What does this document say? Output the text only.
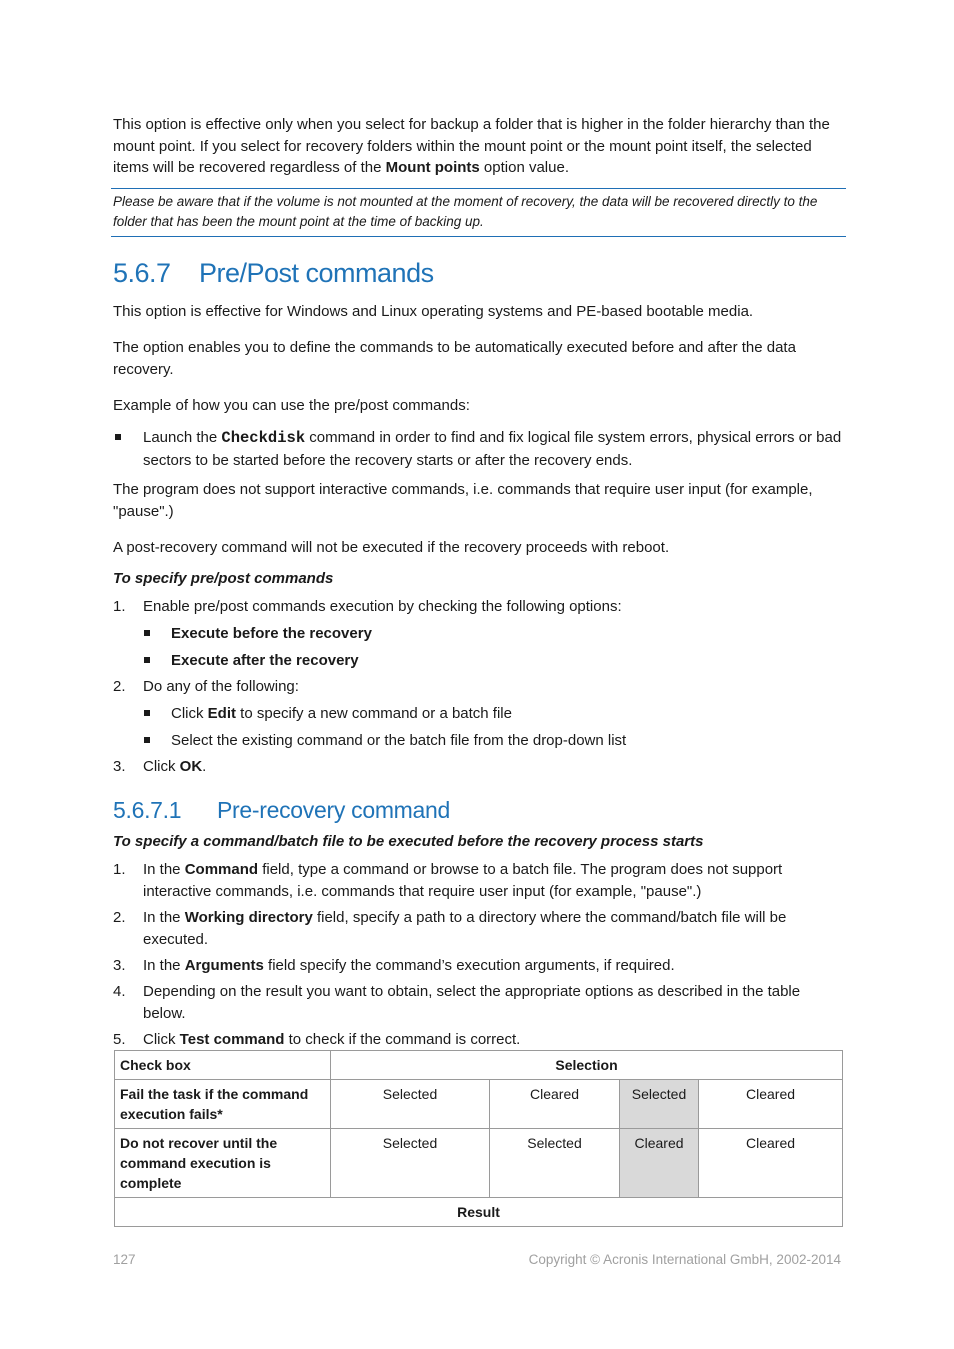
This option is effective only when you select for backup a folder that is higher in the folder hierarchy than the mount point. If you select for recovery folders within the mount point or the mount point itself, the selected items will be recovered regardless of the Mount points option value.

Please be aware that if the volume is not mounted at the moment of recovery, the data will be recovered directly to the folder that has been the mount point at the time of backing up.
5.6.7 Pre/Post commands

This option is effective for Windows and Linux operating systems and PE-based bootable media.

The option enables you to define the commands to be automatically executed before and after the data recovery.

Example of how you can use the pre/post commands:

Launch the Checkdisk command in order to find and fix logical file system errors, physical errors or bad sectors to be started before the recovery starts or after the recovery ends.

The program does not support interactive commands, i.e. commands that require user input (for example, "pause".)

A post-recovery command will not be executed if the recovery proceeds with reboot.

To specify pre/post commands

1.	Enable pre/post commands execution by checking the following options:
Execute before the recovery
Execute after the recovery
2.	Do any of the following:
Click Edit to specify a new command or a batch file
Select the existing command or the batch file from the drop-down list
3.	Click OK.
5.6.7.1 Pre-recovery command

To specify a command/batch file to be executed before the recovery process starts

1.	In the Command field, type a command or browse to a batch file. The program does not support interactive commands, i.e. commands that require user input (for example, "pause".)
2.	In the Working directory field, specify a path to a directory where the command/batch file will be executed.
3.	In the Arguments field specify the command’s execution arguments, if required.
4.	Depending on the result you want to obtain, select the appropriate options as described in the table below.
5.	Click Test command to check if the command is correct.
Check box	Selection			
Fail the task if the command execution fails*	Selected	Cleared	Selected	Cleared
Do not recover until the command execution is complete	Selected	Selected	Cleared	Cleared
Result				
127	Copyright © Acronis International GmbH, 2002-2014
